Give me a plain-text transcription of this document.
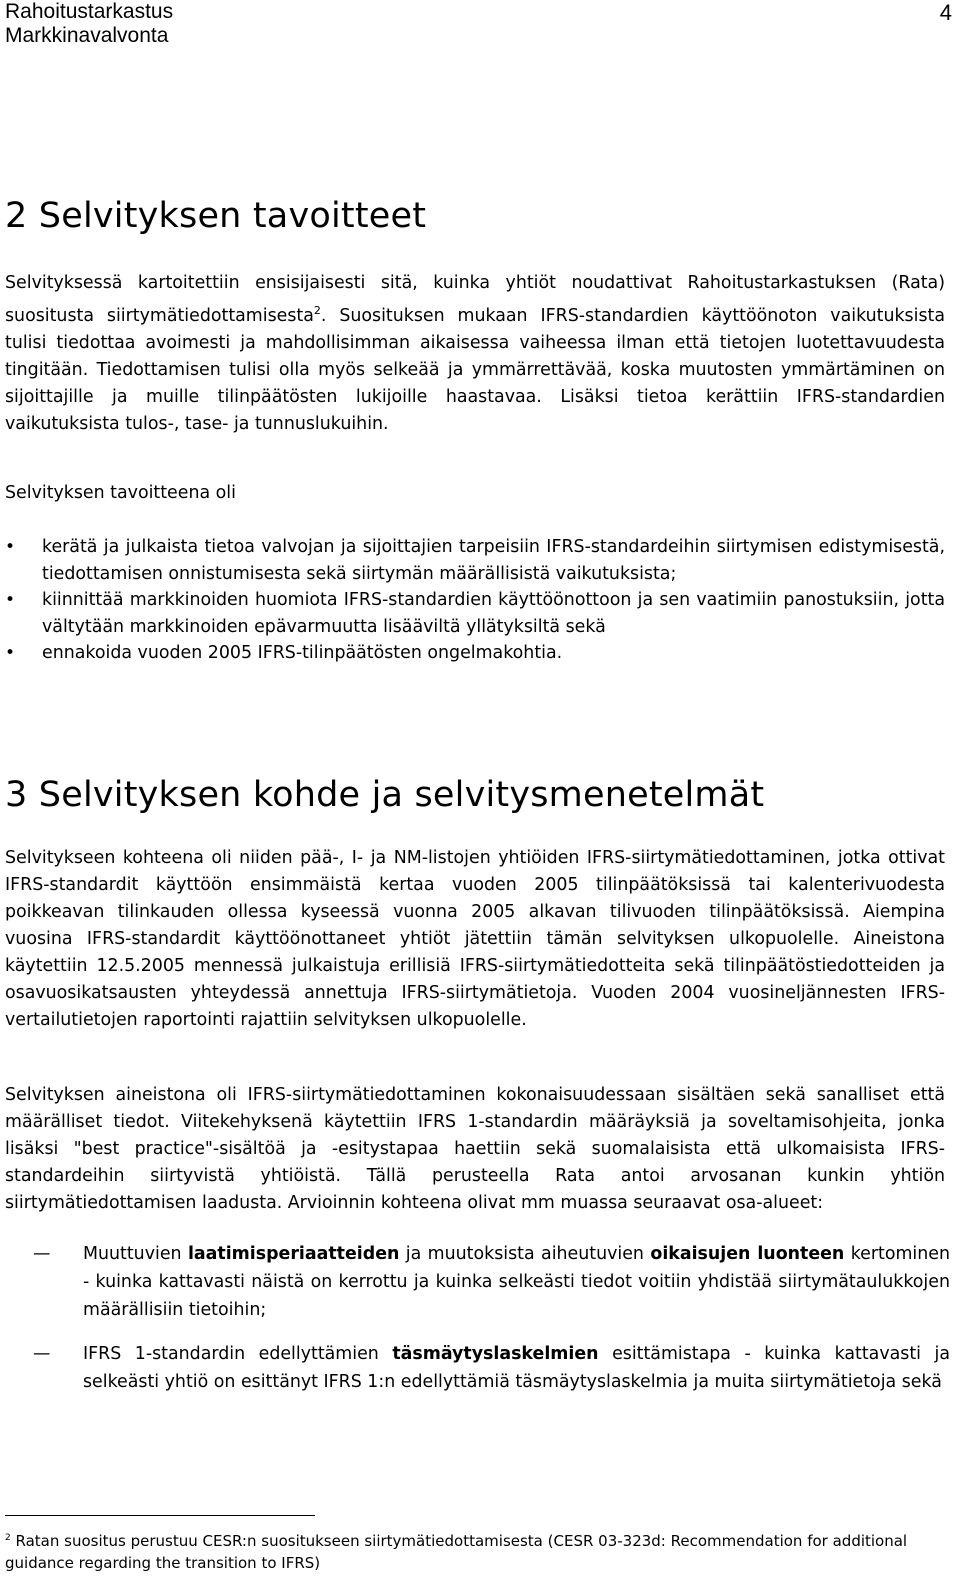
Rahoitustarkastus
Markkinavalvonta
4
2 Selvityksen tavoitteet

Selvityksessä kartoitettiin ensisijaisesti sitä, kuinka yhtiöt noudattivat Rahoitustarkastuksen (Rata) suositusta siirtymätiedottamisesta$^2$. Suosituksen mukaan IFRS-standardien käyttöönoton vaikutuksista tulisi tiedottaa avoimesti ja mahdollisimman aikaisessa vaiheessa ilman että tietojen luotettavuudesta tingitään. Tiedottamisen tulisi olla myös selkeää ja ymmärrettävää, koska muutosten ymmärtäminen on sijoittajille ja muille tilinpäätösten lukijoille haastavaa. Lisäksi tietoa kerättiin IFRS-standardien vaikutuksista tulos-, tase- ja tunnuslukuihin.

Selvityksen tavoitteena oli

• kerätä ja julkaista tietoa valvojan ja sijoittajien tarpeisiin IFRS-standardeihin siirtymisen edistymisestä, tiedottamisen onnistumisesta sekä siirtymän määrällisistä vaikutuksista;
• kiinnittää markkinoiden huomiota IFRS-standardien käyttöönottoon ja sen vaatimiin panostuksiin, jotta vältytään markkinoiden epävarmuutta lisääviltä yllätyksiltä sekä
• ennakoida vuoden 2005 IFRS-tilinpäätösten ongelmakohtia.
3 Selvityksen kohde ja selvitysmenetelmät

Selvitykseen kohteena oli niiden pää-, I- ja NM-listojen yhtiöiden IFRS-siirtymätiedottaminen, jotka ottivat IFRS-standardit käyttöön ensimmäistä kertaa vuoden 2005 tilinpäätöksissä tai kalenterivuodesta poikkeavan tilinkauden ollessa kyseessä vuonna 2005 alkavan tilivuoden tilinpäätöksissä. Aiempina vuosina IFRS-standardit käyttöönottaneet yhtiöt jätettiin tämän selvityksen ulkopuolelle. Aineistona käytettiin 12.5.2005 mennessä julkaistuja erillisiä IFRS-siirtymätiedotteita sekä tilinpäätöstiedotteiden ja osavuosikatsausten yhteydessä annettuja IFRS-siirtymätietoja. Vuoden 2004 vuosineljännesten IFRS-vertailutietojen raportointi rajattiin selvityksen ulkopuolelle.

Selvityksen aineistona oli IFRS-siirtymätiedottaminen kokonaisuudessaan sisältäen sekä sanalliset että määrälliset tiedot. Viitekehyksenä käytettiin IFRS 1-standardin määräyksiä ja soveltamisohjeita, jonka lisäksi "best practice"-sisältöä ja -esitystapaa haettiin sekä suomalaisista että ulkomaisista IFRS-standardeihin siirtyvistä yhtiöistä. Tällä perusteella Rata antoi arvosanan kunkin yhtiön siirtymätiedottamisen laadusta. Arvioinnin kohteena olivat mm muassa seuraavat osa-alueet:

— Muuttuvien laatimisperiaatteiden ja muutoksista aiheutuvien oikaisujen luonteen kertominen - kuinka kattavasti näistä on kerrottu ja kuinka selkeästi tiedot voitiin yhdistää siirtymätaulukkojen määrällisiin tietoihin;
— IFRS 1-standardin edellyttämien täsmäytyslaskelmien esittämistapa - kuinka kattavasti ja selkeästi yhtiö on esittänyt IFRS 1:n edellyttämiä täsmäytyslaskelmia ja muita siirtymätietoja sekä
$^2$ Ratan suositus perustuu CESR:n suositukseen siirtymätiedottamisesta (CESR 03-323d: Recommendation for additional guidance regarding the transition to IFRS)
